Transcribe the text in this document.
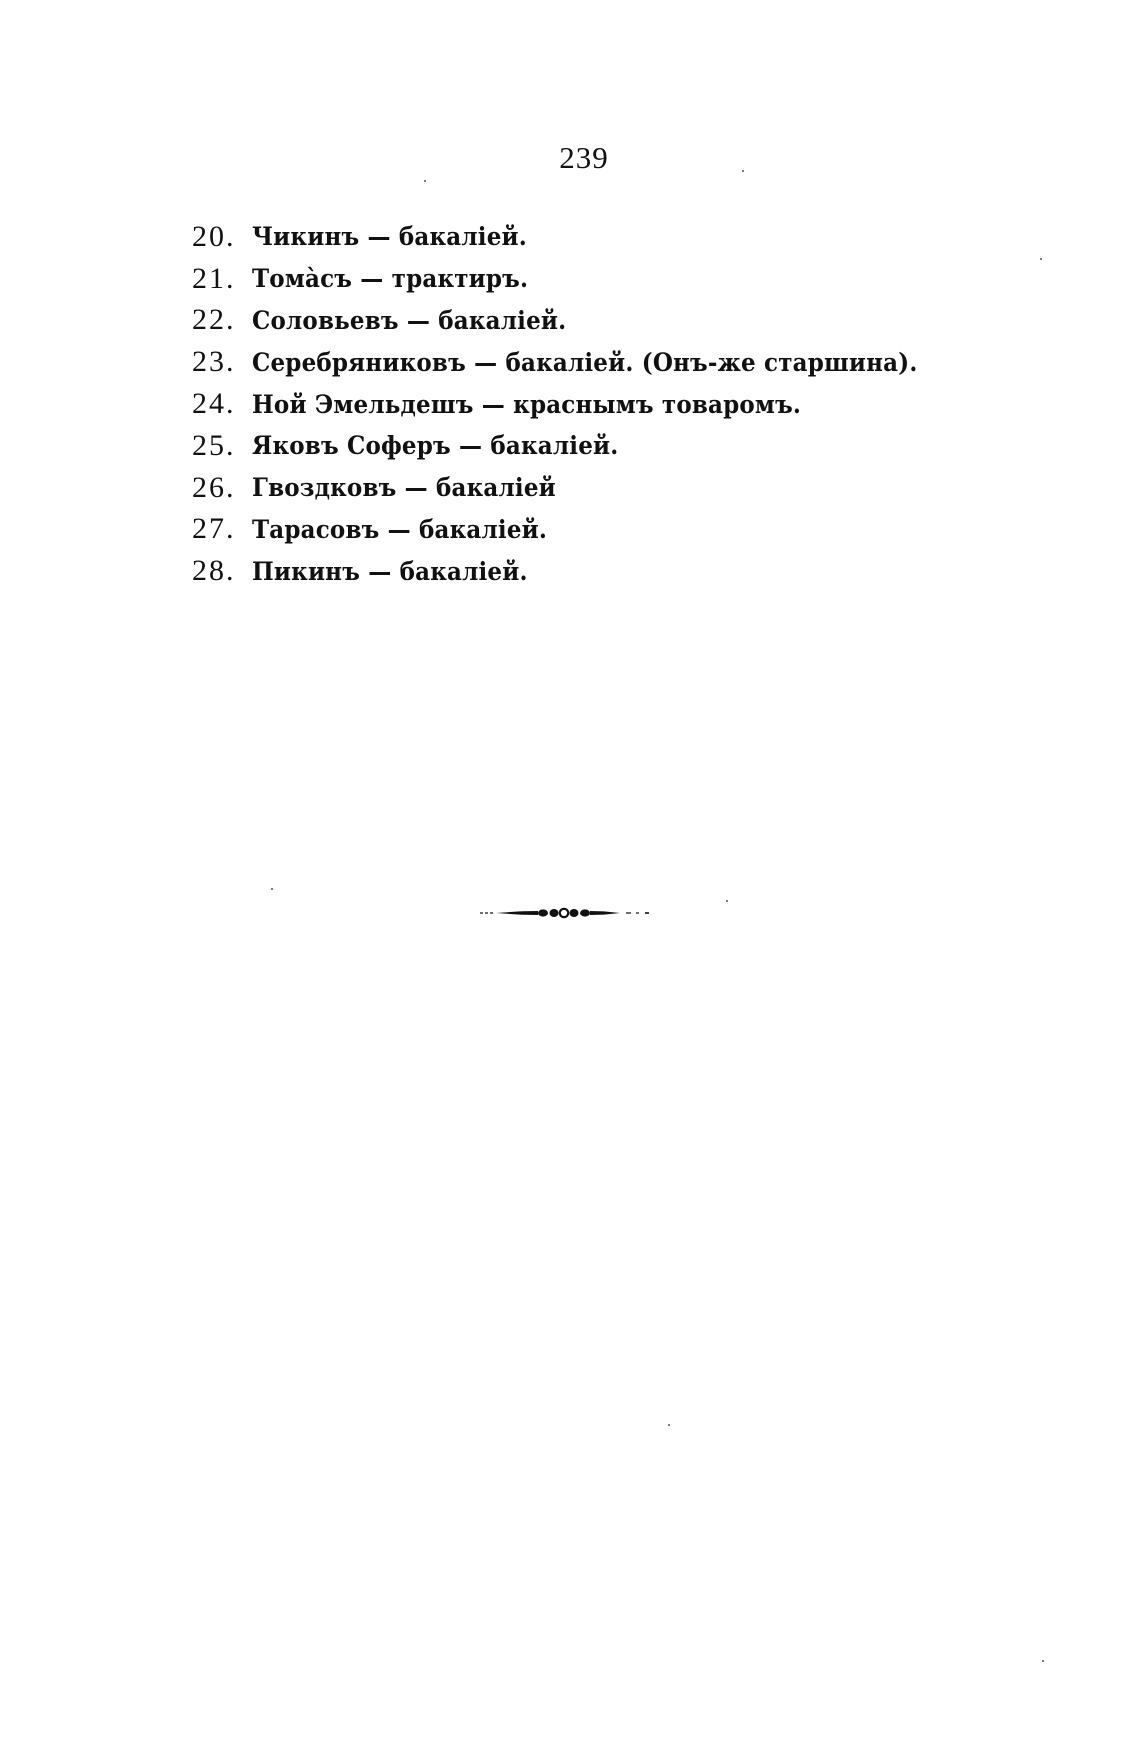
239
20. Чикинъ — бакалiей.
21. Томàсъ — трактиръ.
22. Соловьевъ — бакалiей.
23. Серебряниковъ — бакалiей. (Онъ-же старшина).
24. Ной Эмельдешъ — краснымъ товаромъ.
25. Яковъ Соферъ — бакалiей.
26. Гвоздковъ — бакалiей
27. Тарасовъ — бакалiей.
28. Пикинъ — бакалiей.
